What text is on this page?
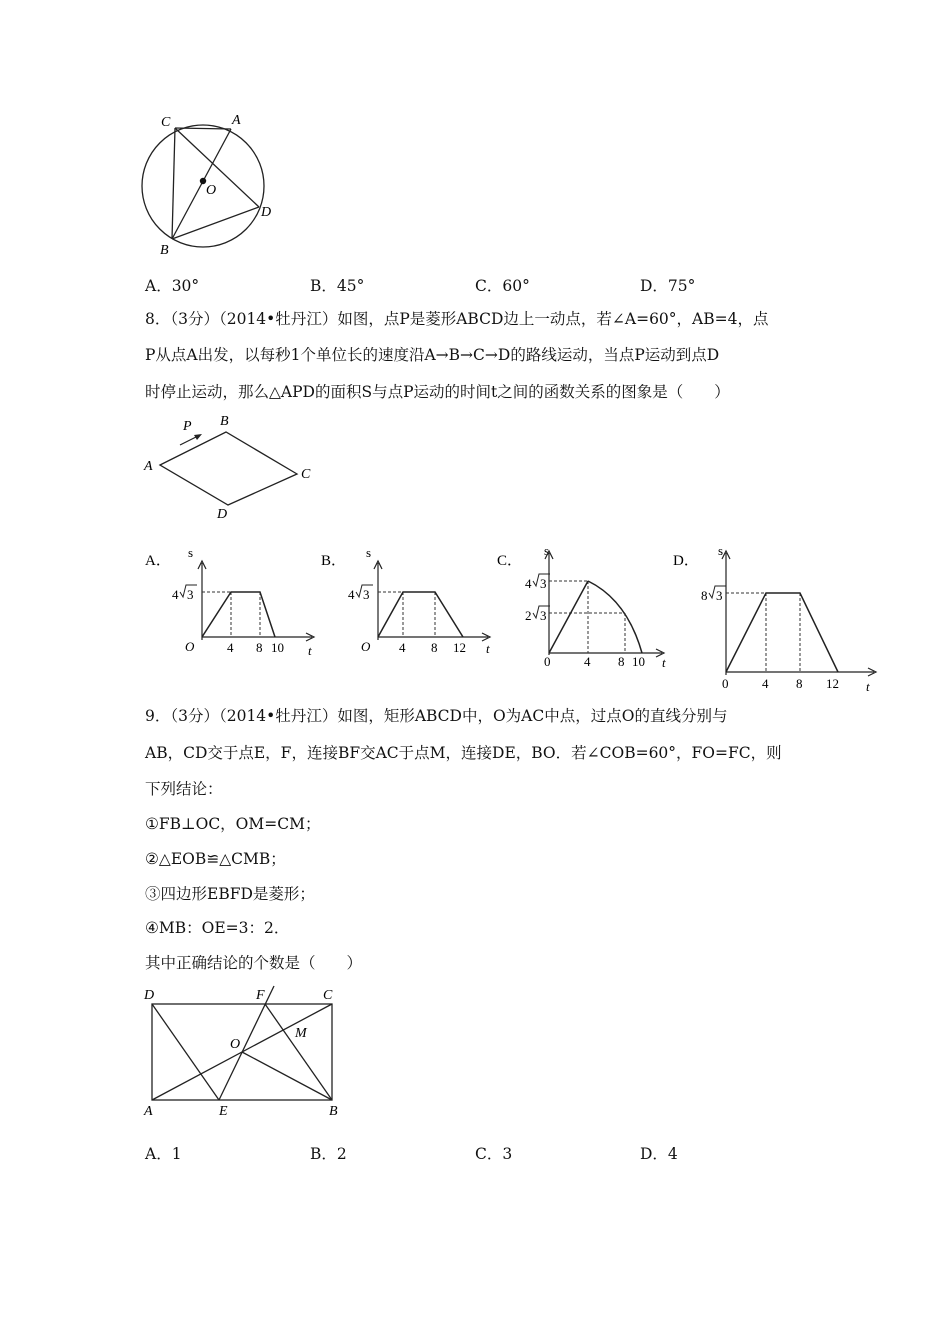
C	A
O
D
B
A．30°	B．45°	C．60°	D．75°
8．（3分）（2014•牡丹江）如图，点P是菱形ABCD边上一动点，若∠A=60°，AB=4，点
P从点A出发，以每秒1个单位长的速度沿A→B→C→D的路线运动，当点P运动到点D
时停止运动，那么△APD的面积S与点P运动的时间t之间的函数关系的图象是（　　）
P B
A
C
D
A．
s
t
O
4 3
4 8 10
B．
s
t
O
4 3
4 8 12
C．
s
t
0
4 3
2 3
4 8 10
D．
s
t
0
8 3
4 8 12
9．（3分）（2014•牡丹江）如图，矩形ABCD中，O为AC中点，过点O的直线分别与
AB，CD交于点E，F，连接BF交AC于点M，连接DE，BO．若∠COB=60°，FO=FC，则
下列结论：
①FB⊥OC，OM=CM；
②△EOB≌△CMB；
③四边形EBFD是菱形；
④MB：OE=3：2．
其中正确结论的个数是（　　）
D	F	C
M
O
A	E	B
A．1	B．2	C．3	D．4
